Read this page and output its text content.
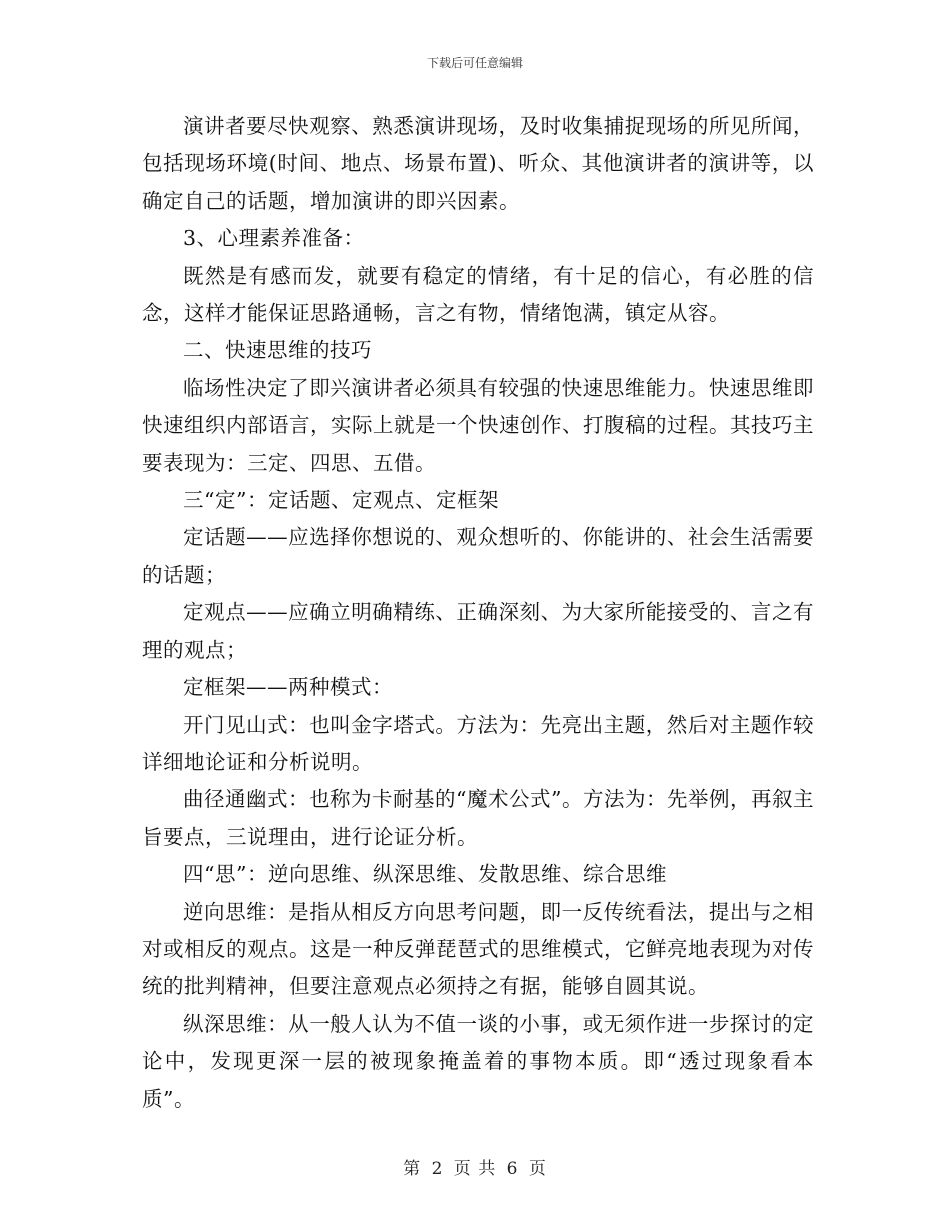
下载后可任意编辑

演讲者要尽快观察、熟悉演讲现场，及时收集捕捉现场的所见所闻，包括现场环境(时间、地点、场景布置)、听众、其他演讲者的演讲等，以确定自己的话题，增加演讲的即兴因素。

3、心理素养准备：

既然是有感而发，就要有稳定的情绪，有十足的信心，有必胜的信念，这样才能保证思路通畅，言之有物，情绪饱满，镇定从容。

二、快速思维的技巧

临场性决定了即兴演讲者必须具有较强的快速思维能力。快速思维即快速组织内部语言，实际上就是一个快速创作、打腹稿的过程。其技巧主要表现为：三定、四思、五借。

三“定”：定话题、定观点、定框架

定话题——应选择你想说的、观众想听的、你能讲的、社会生活需要的话题；

定观点——应确立明确精练、正确深刻、为大家所能接受的、言之有理的观点；

定框架——两种模式：

开门见山式：也叫金字塔式。方法为：先亮出主题，然后对主题作较详细地论证和分析说明。

曲径通幽式：也称为卡耐基的“魔术公式”。方法为：先举例，再叙主旨要点，三说理由，进行论证分析。

四“思”：逆向思维、纵深思维、发散思维、综合思维

逆向思维：是指从相反方向思考问题，即一反传统看法，提出与之相对或相反的观点。这是一种反弹琵琶式的思维模式，它鲜亮地表现为对传统的批判精神，但要注意观点必须持之有据，能够自圆其说。

纵深思维：从一般人认为不值一谈的小事，或无须作进一步探讨的定论中，发现更深一层的被现象掩盖着的事物本质。即“透过现象看本质”。

第 2 页 共 6 页
